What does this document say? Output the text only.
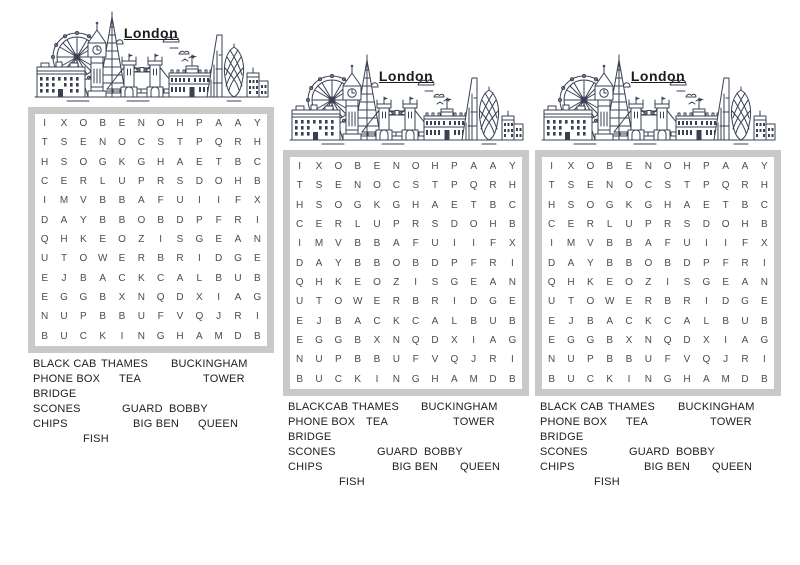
London
I	X	O	B	E	N	O	H	P	A	A	Y
T	S	E	N	O	C	S	T	P	Q	R	H
H	S	O	G	K	G	H	A	E	T	B	C
C	E	R	L	U	P	R	S	D	O	H	B
I	M	V	B	B	A	F	U	I	I	F	X
D	A	Y	B	B	O	B	D	P	F	R	I
Q	H	K	E	O	Z	I	S	G	E	A	N
U	T	O	W	E	R	B	R	I	D	G	E
E	J	B	A	C	K	C	A	L	B	U	B
E	G	G	B	X	N	Q	D	X	I	A	G
N	U	P	B	B	U	F	V	Q	J	R	I
B	U	C	K	I	N	G	H	A	M	D	B
BLACK CAB THAMES BUCKINGHAM
PHONE BOX TEA	TOWER
BRIDGE
SCONES	GUARD BOBBY
CHIPS	BIG BEN QUEEN
FISH
London
I	X	O	B	E	N	O	H	P	A	A	Y
T	S	E	N	O	C	S	T	P	Q	R	H
H	S	O	G	K	G	H	A	E	T	B	C
C	E	R	L	U	P	R	S	D	O	H	B
I	M	V	B	B	A	F	U	I	I	F	X
D	A	Y	B	B	O	B	D	P	F	R	I
Q	H	K	E	O	Z	I	S	G	E	A	N
U	T	O	W	E	R	B	R	I	D	G	E
E	J	B	A	C	K	C	A	L	B	U	B
E	G	G	B	X	N	Q	D	X	I	A	G
N	U	P	B	B	U	F	V	Q	J	R	I
B	U	C	K	I	N	G	H	A	M	D	B
BLACKCAB THAMES BUCKINGHAM
PHONE BOX TEA	TOWER
BRIDGE
SCONES	GUARD BOBBY
CHIPS	BIG BEN QUEEN
FISH
London
I	X	O	B	E	N	O	H	P	A	A	Y
T	S	E	N	O	C	S	T	P	Q	R	H
H	S	O	G	K	G	H	A	E	T	B	C
C	E	R	L	U	P	R	S	D	O	H	B
I	M	V	B	B	A	F	U	I	I	F	X
D	A	Y	B	B	O	B	D	P	F	R	I
Q	H	K	E	O	Z	I	S	G	E	A	N
U	T	O	W	E	R	B	R	I	D	G	E
E	J	B	A	C	K	C	A	L	B	U	B
E	G	G	B	X	N	Q	D	X	I	A	G
N	U	P	B	B	U	F	V	Q	J	R	I
B	U	C	K	I	N	G	H	A	M	D	B
BLACK CAB THAMES BUCKINGHAM
PHONE BOX TEA	TOWER
BRIDGE
SCONES	GUARD BOBBY
CHIPS	BIG BEN QUEEN
FISH
